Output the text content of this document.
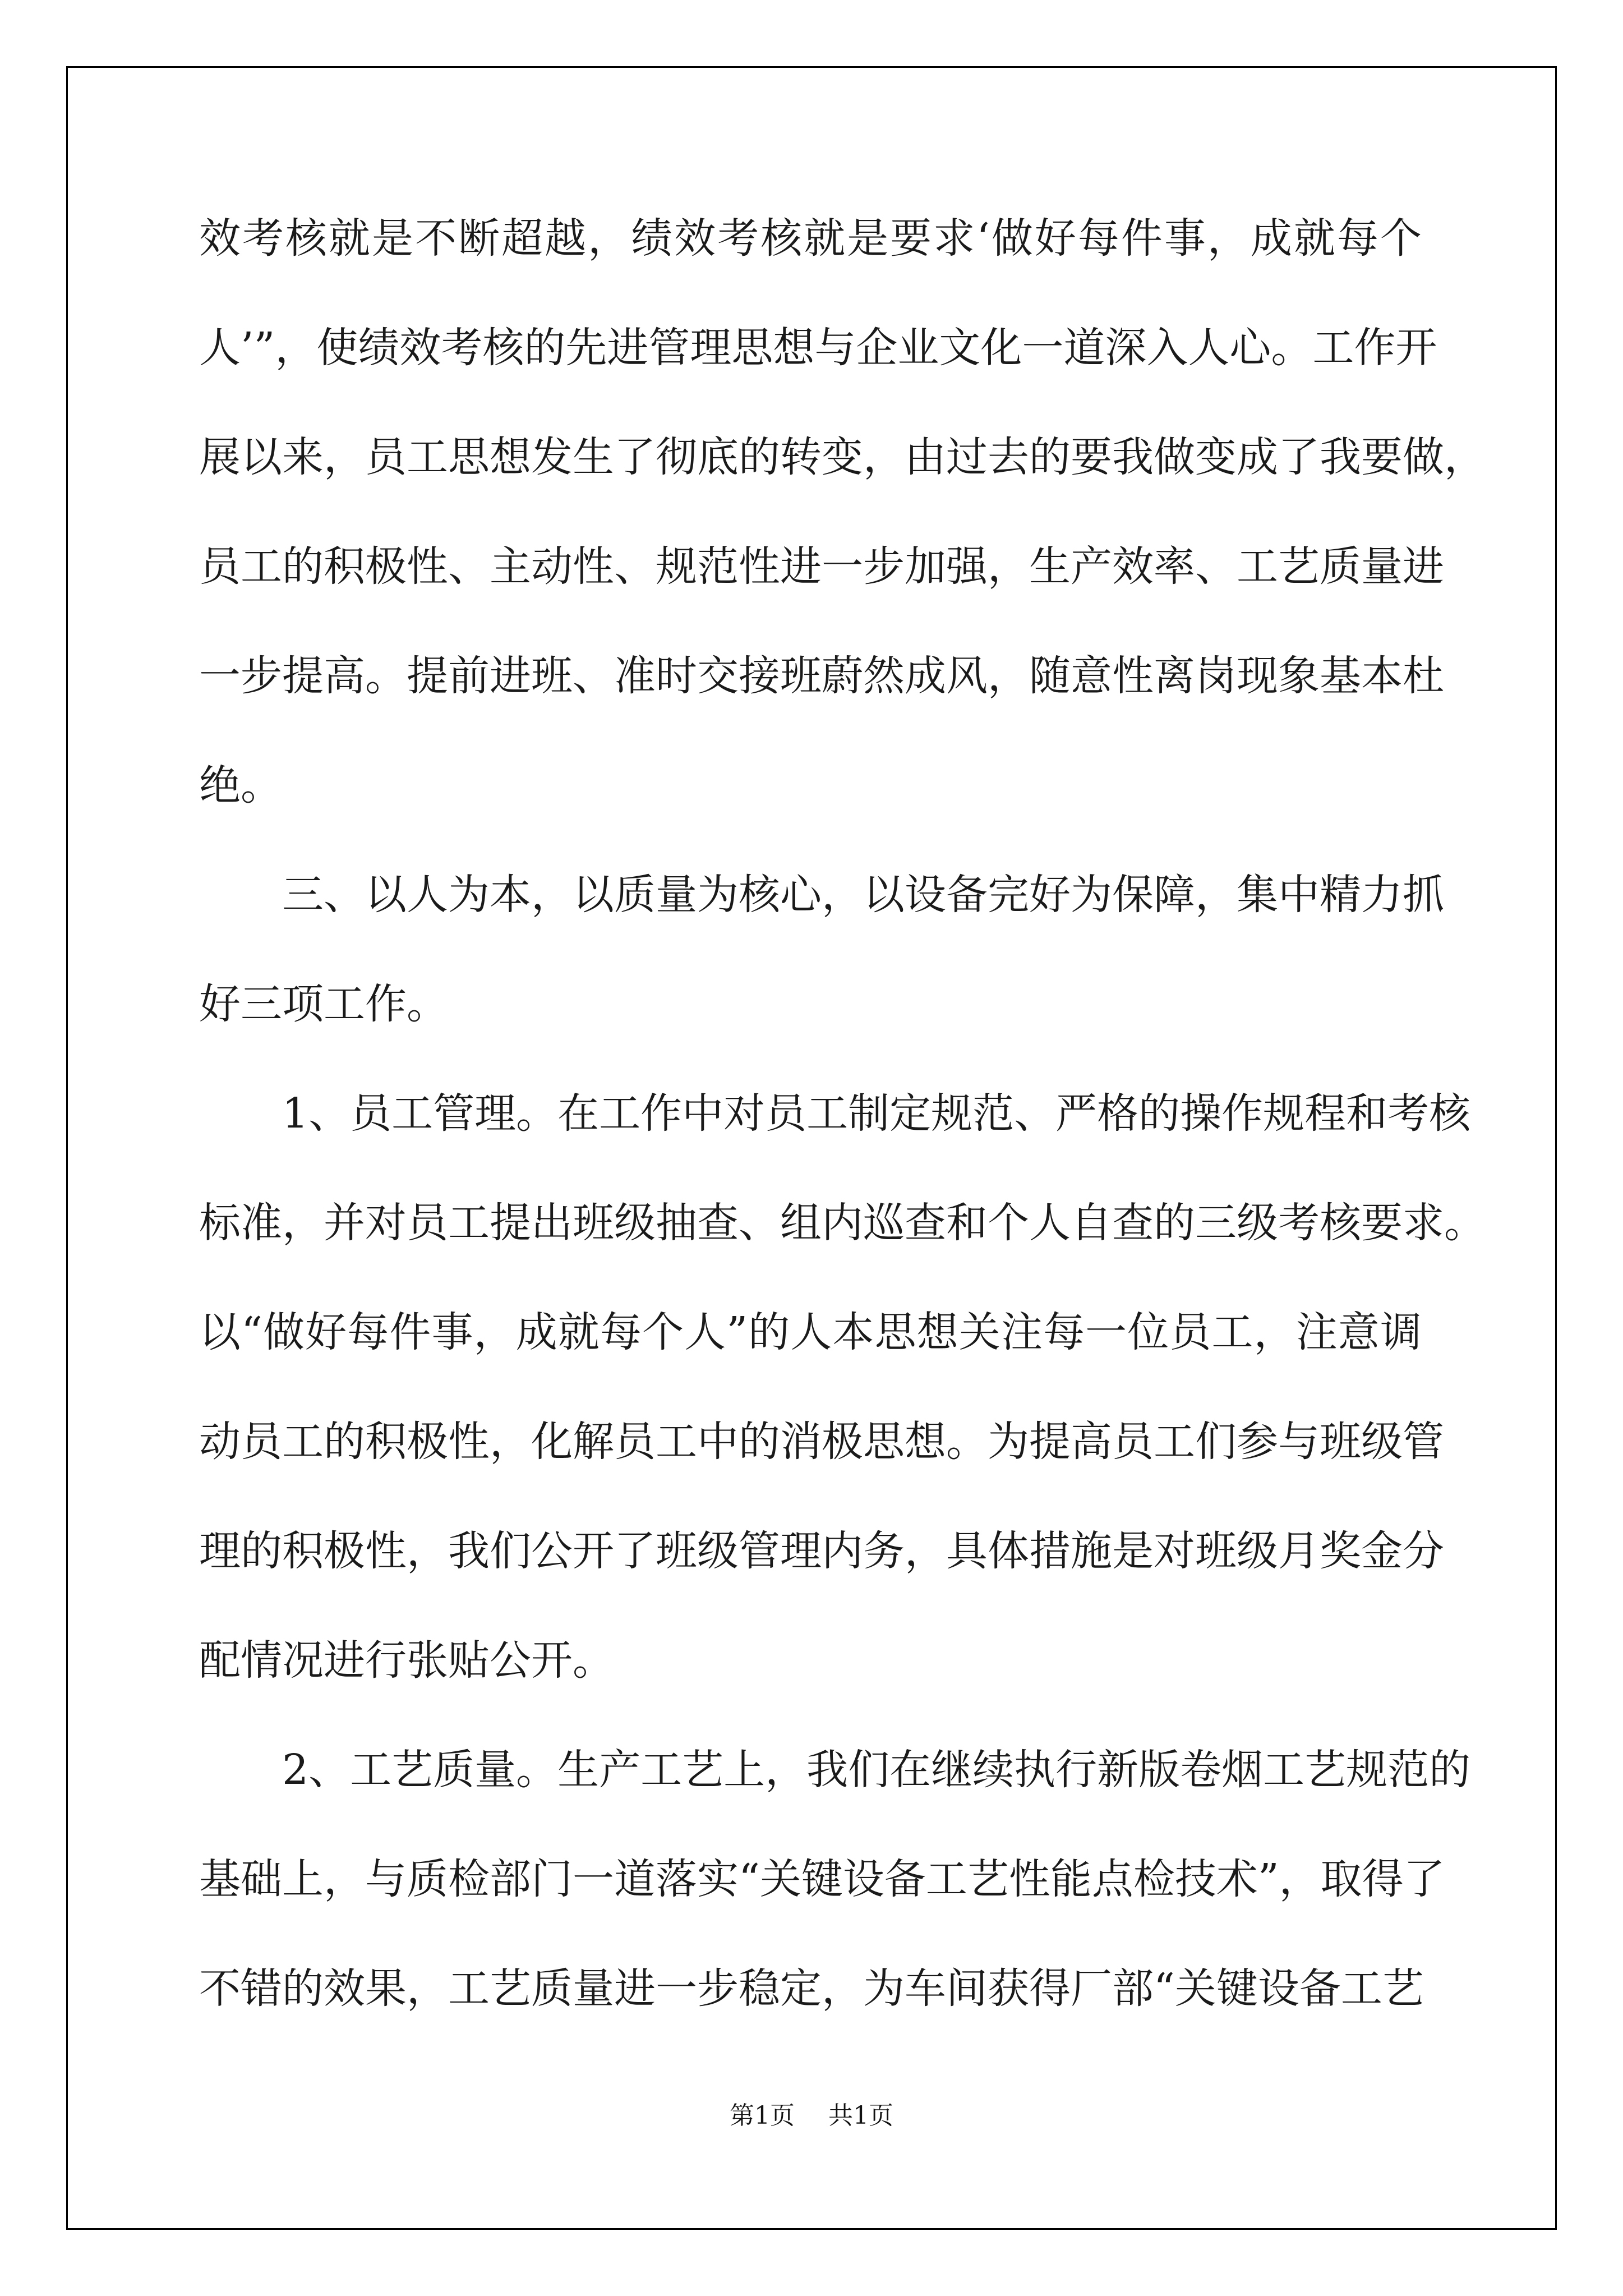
效考核就是不断超越，绩效考核就是要求‘做好每件事，成就每个
人’”，使绩效考核的先进管理思想与企业文化一道深入人心。工作开
展以来，员工思想发生了彻底的转变，由过去的要我做变成了我要做，
员工的积极性、主动性、规范性进一步加强，生产效率、工艺质量进
一步提高。提前进班、准时交接班蔚然成风，随意性离岗现象基本杜
绝。
　　三、以人为本，以质量为核心，以设备完好为保障，集中精力抓
好三项工作。
　　1、员工管理。在工作中对员工制定规范、严格的操作规程和考核
标准，并对员工提出班级抽查、组内巡查和个人自查的三级考核要求。
以“做好每件事，成就每个人”的人本思想关注每一位员工，注意调
动员工的积极性，化解员工中的消极思想。为提高员工们参与班级管
理的积极性，我们公开了班级管理内务，具体措施是对班级月奖金分
配情况进行张贴公开。
　　2、工艺质量。生产工艺上，我们在继续执行新版卷烟工艺规范的
基础上，与质检部门一道落实“关键设备工艺性能点检技术”，取得了
不错的效果，工艺质量进一步稳定，为车间获得厂部“关键设备工艺
第1页 共1页
